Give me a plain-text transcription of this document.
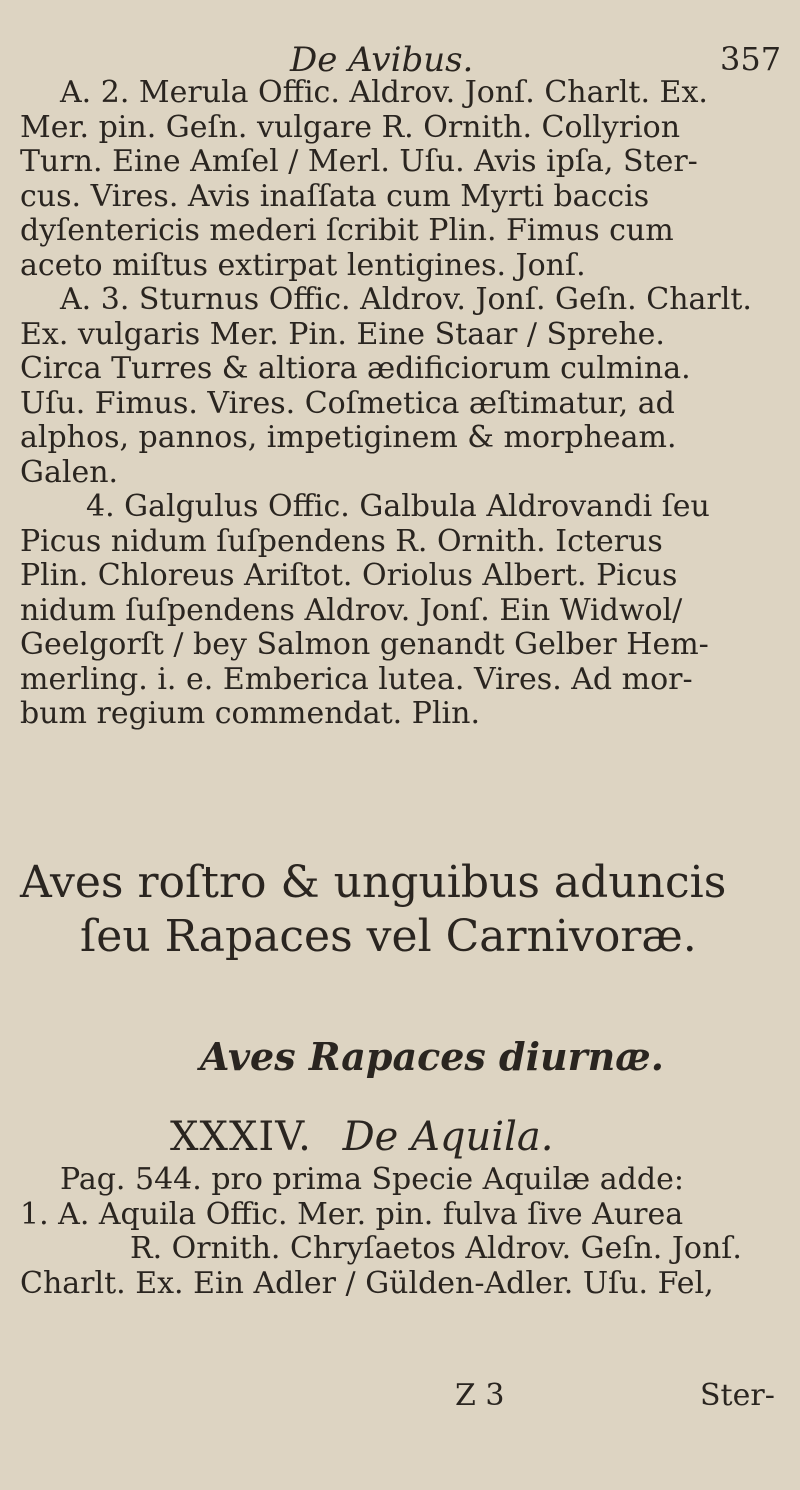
De Avibus.	357

A. 2. Merula Offic. Aldrov. Jonſ. Charlt. Ex.
Mer. pin. Geſn. vulgare R. Ornith. Collyrion
Turn. Eine Amſel / Merl. Uſu. Avis ipſa, Ster-
cus. Vires. Avis inaſſata cum Myrti baccis
dyſentericis mederi ſcribit Plin. Fimus cum
aceto miſtus extirpat lentigines. Jonſ.

A. 3. Sturnus Offic. Aldrov. Jonſ. Geſn. Charlt.
Ex. vulgaris Mer. Pin. Eine Staar / Sprehe.
Circa Turres & altiora ædificiorum culmina.
Uſu. Fimus. Vires. Coſmetica æſtimatur, ad
alphos, pannos, impetiginem & morpheam.
Galen.

4. Galgulus Offic. Galbula Aldrovandi ſeu
Picus nidum ſuſpendens R. Ornith. Icterus
Plin. Chloreus Ariſtot. Oriolus Albert. Picus
nidum ſuſpendens Aldrov. Jonſ. Ein Widwol/
Geelgorſt / bey Salmon genandt Gelber Hem-
merling. i. e. Emberica lutea. Vires. Ad mor-
bum regium commendat. Plin.

Aves roſtro & unguibus aduncis
ſeu Rapaces vel Carnivoræ.
Aves Rapaces diurnæ.
XXXIV. De Aquila.
Pag. 544. pro prima Specie Aquilæ adde:
1. A. Aquila Offic. Mer. pin. fulva ſive Aurea
R. Ornith. Chryſaetos Aldrov. Geſn. Jonſ.
Charlt. Ex. Ein Adler / Gülden-Adler. Uſu. Fel,
Z 3	Ster-
